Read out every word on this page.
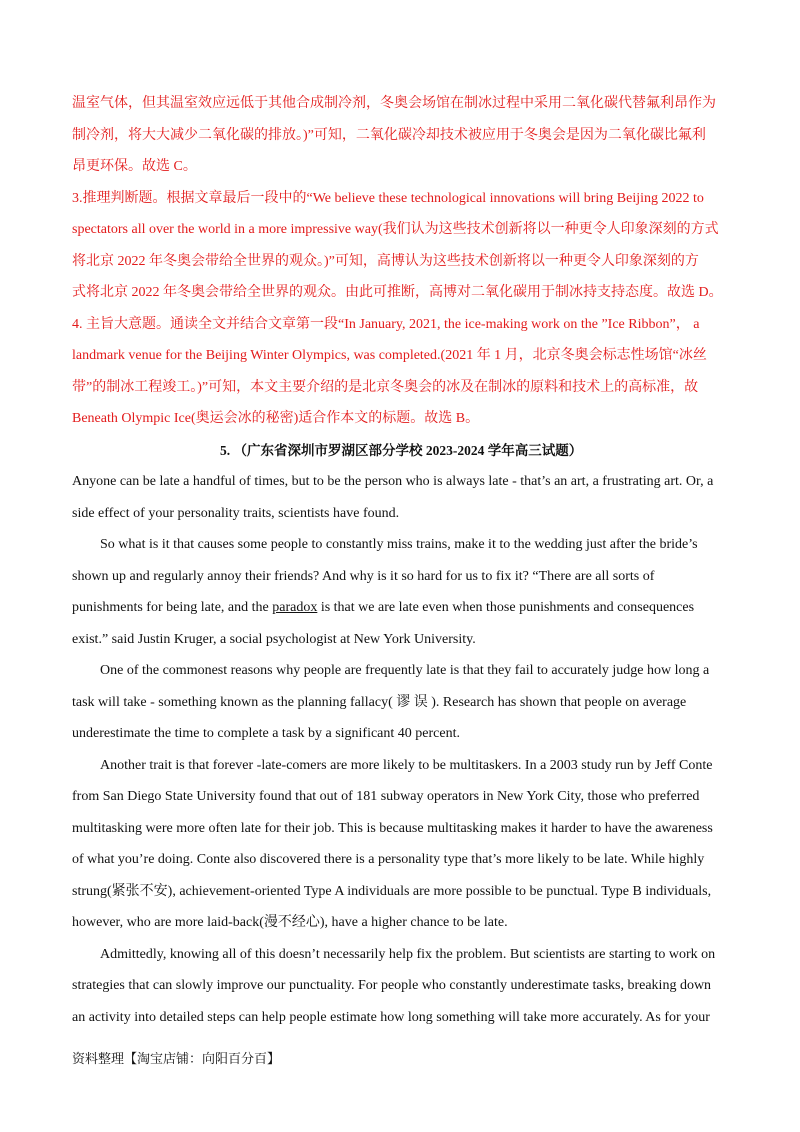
温室气体，但其温室效应远低于其他合成制冷剂，冬奥会场馆在制冰过程中采用二氧化碳代替氟利昂作为
制冷剂，将大大减少二氧化碳的排放。)”可知，二氧化碳冷却技术被应用于冬奥会是因为二氧化碳比氟利
昂更环保。故选 C。
3.推理判断题。根据文章最后一段中的“We believe these technological innovations will bring Beijing 2022 to
spectators all over the world in a more impressive way(我们认为这些技术创新将以一种更令人印象深刻的方式
将北京 2022 年冬奥会带给全世界的观众。)”可知，高博认为这些技术创新将以一种更令人印象深刻的方
式将北京 2022 年冬奥会带给全世界的观众。由此可推断，高博对二氧化碳用于制冰持支持态度。故选 D。
4. 主旨大意题。通读全文并结合文章第一段“In January, 2021, the ice-making work on the ”Ice Ribbon”， a
landmark venue for the Beijing Winter Olympics, was completed.(2021 年 1 月，北京冬奥会标志性场馆“冰丝
带”的制冰工程竣工。)”可知，本文主要介绍的是北京冬奥会的冰及在制冰的原料和技术上的高标准，故
Beneath Olympic Ice(奥运会冰的秘密)适合作本文的标题。故选 B。
5. （广东省深圳市罗湖区部分学校 2023-2024 学年高三试题）
Anyone can be late a handful of times, but to be the person who is always late - that’s an art, a frustrating art. Or, a
side effect of your personality traits, scientists have found.
So what is it that causes some people to constantly miss trains, make it to the wedding just after the bride’s
shown up and regularly annoy their friends? And why is it so hard for us to fix it? “There are all sorts of
punishments for being late, and the paradox is that we are late even when those punishments and consequences
exist.” said Justin Kruger, a social psychologist at New York University.
One of the commonest reasons why people are frequently late is that they fail to accurately judge how long a
task will take - something known as the planning fallacy( 谬 误 ). Research has shown that people on average
underestimate the time to complete a task by a significant 40 percent.
Another trait is that forever -late-comers are more likely to be multitaskers. In a 2003 study run by Jeff Conte
from San Diego State University found that out of 181 subway operators in New York City, those who preferred
multitasking were more often late for their job. This is because multitasking makes it harder to have the awareness
of what you’re doing. Conte also discovered there is a personality type that’s more likely to be late. While highly
strung(紧张不安), achievement-oriented Type A individuals are more possible to be punctual. Type B individuals,
however, who are more laid-back(漫不经心), have a higher chance to be late.
Admittedly, knowing all of this doesn’t necessarily help fix the problem. But scientists are starting to work on
strategies that can slowly improve our punctuality. For people who constantly underestimate tasks, breaking down
an activity into detailed steps can help people estimate how long something will take more accurately. As for your
资料整理【淘宝店铺：向阳百分百】
